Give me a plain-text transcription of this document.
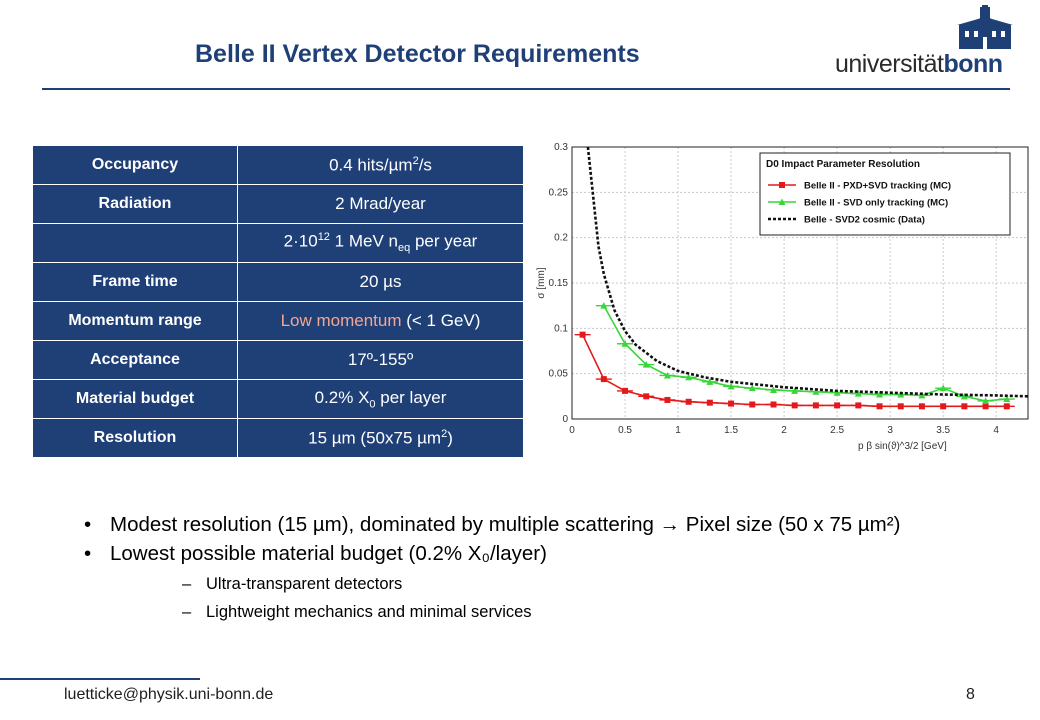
Belle II Vertex Detector Requirements	universitätbonn
Occupancy	0.4 hits/µm$^2$/s
Radiation	2 Mrad/year
	$2\cdot 10^{12}$ 1 MeV $n_{eq}$ per year
Frame time	20 µs
Momentum range	Low momentum (< 1 GeV)
Acceptance	17º-155º
Material budget	0.2% $X_0$ per layer
Resolution	15 µm (50x75 µm$^2$)	0	0.5	1	1.5	2	2.5	3	3.5	4
0
0.05
0.1
0.15
0.2
0.25
0.3
p β sin(ϑ)^3/2 [GeV]
σ [mm]
D0 Impact Parameter Resolution
Belle II - PXD+SVD tracking (MC)
Belle II - SVD only tracking (MC)
Belle - SVD2 cosmic (Data)
• Modest resolution (15 µm), dominated by multiple scattering → Pixel size (50 x 75 µm²)
• Lowest possible material budget (0.2% X₀/layer)
– Ultra-transparent detectors
– Lightweight mechanics and minimal services
luetticke@physik.uni-bonn.de	8
